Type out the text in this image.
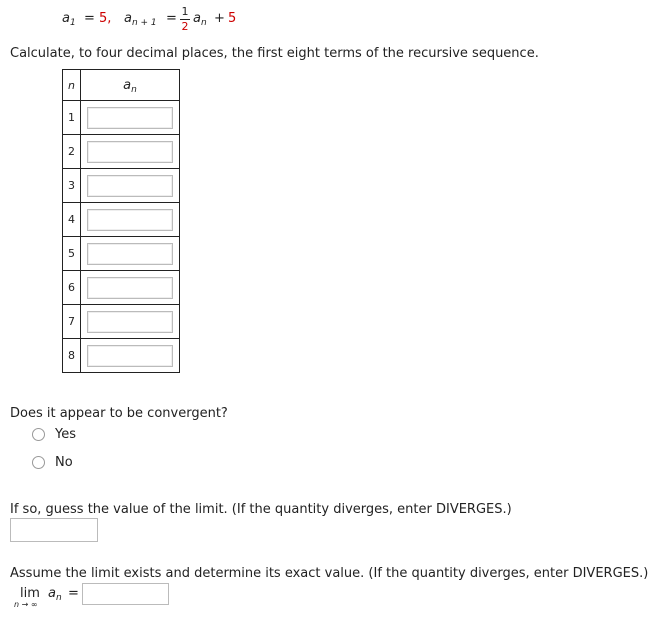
$a_1 = 5$, $a_{n + 1} = 1$
2
$a_n + 5$
Calculate, to four decimal places, the first eight terms of the recursive sequence.
n	$a_n$
1	

2	

3	

4	

5	

6	

7	

8	
Does it appear to be convergent?
Yes
No
If so, guess the value of the limit. (If the quantity diverges, enter DIVERGES.)
Assume the limit exists and determine its exact value. (If the quantity diverges, enter DIVERGES.)
$\lim a_n$ =
n → ∞
